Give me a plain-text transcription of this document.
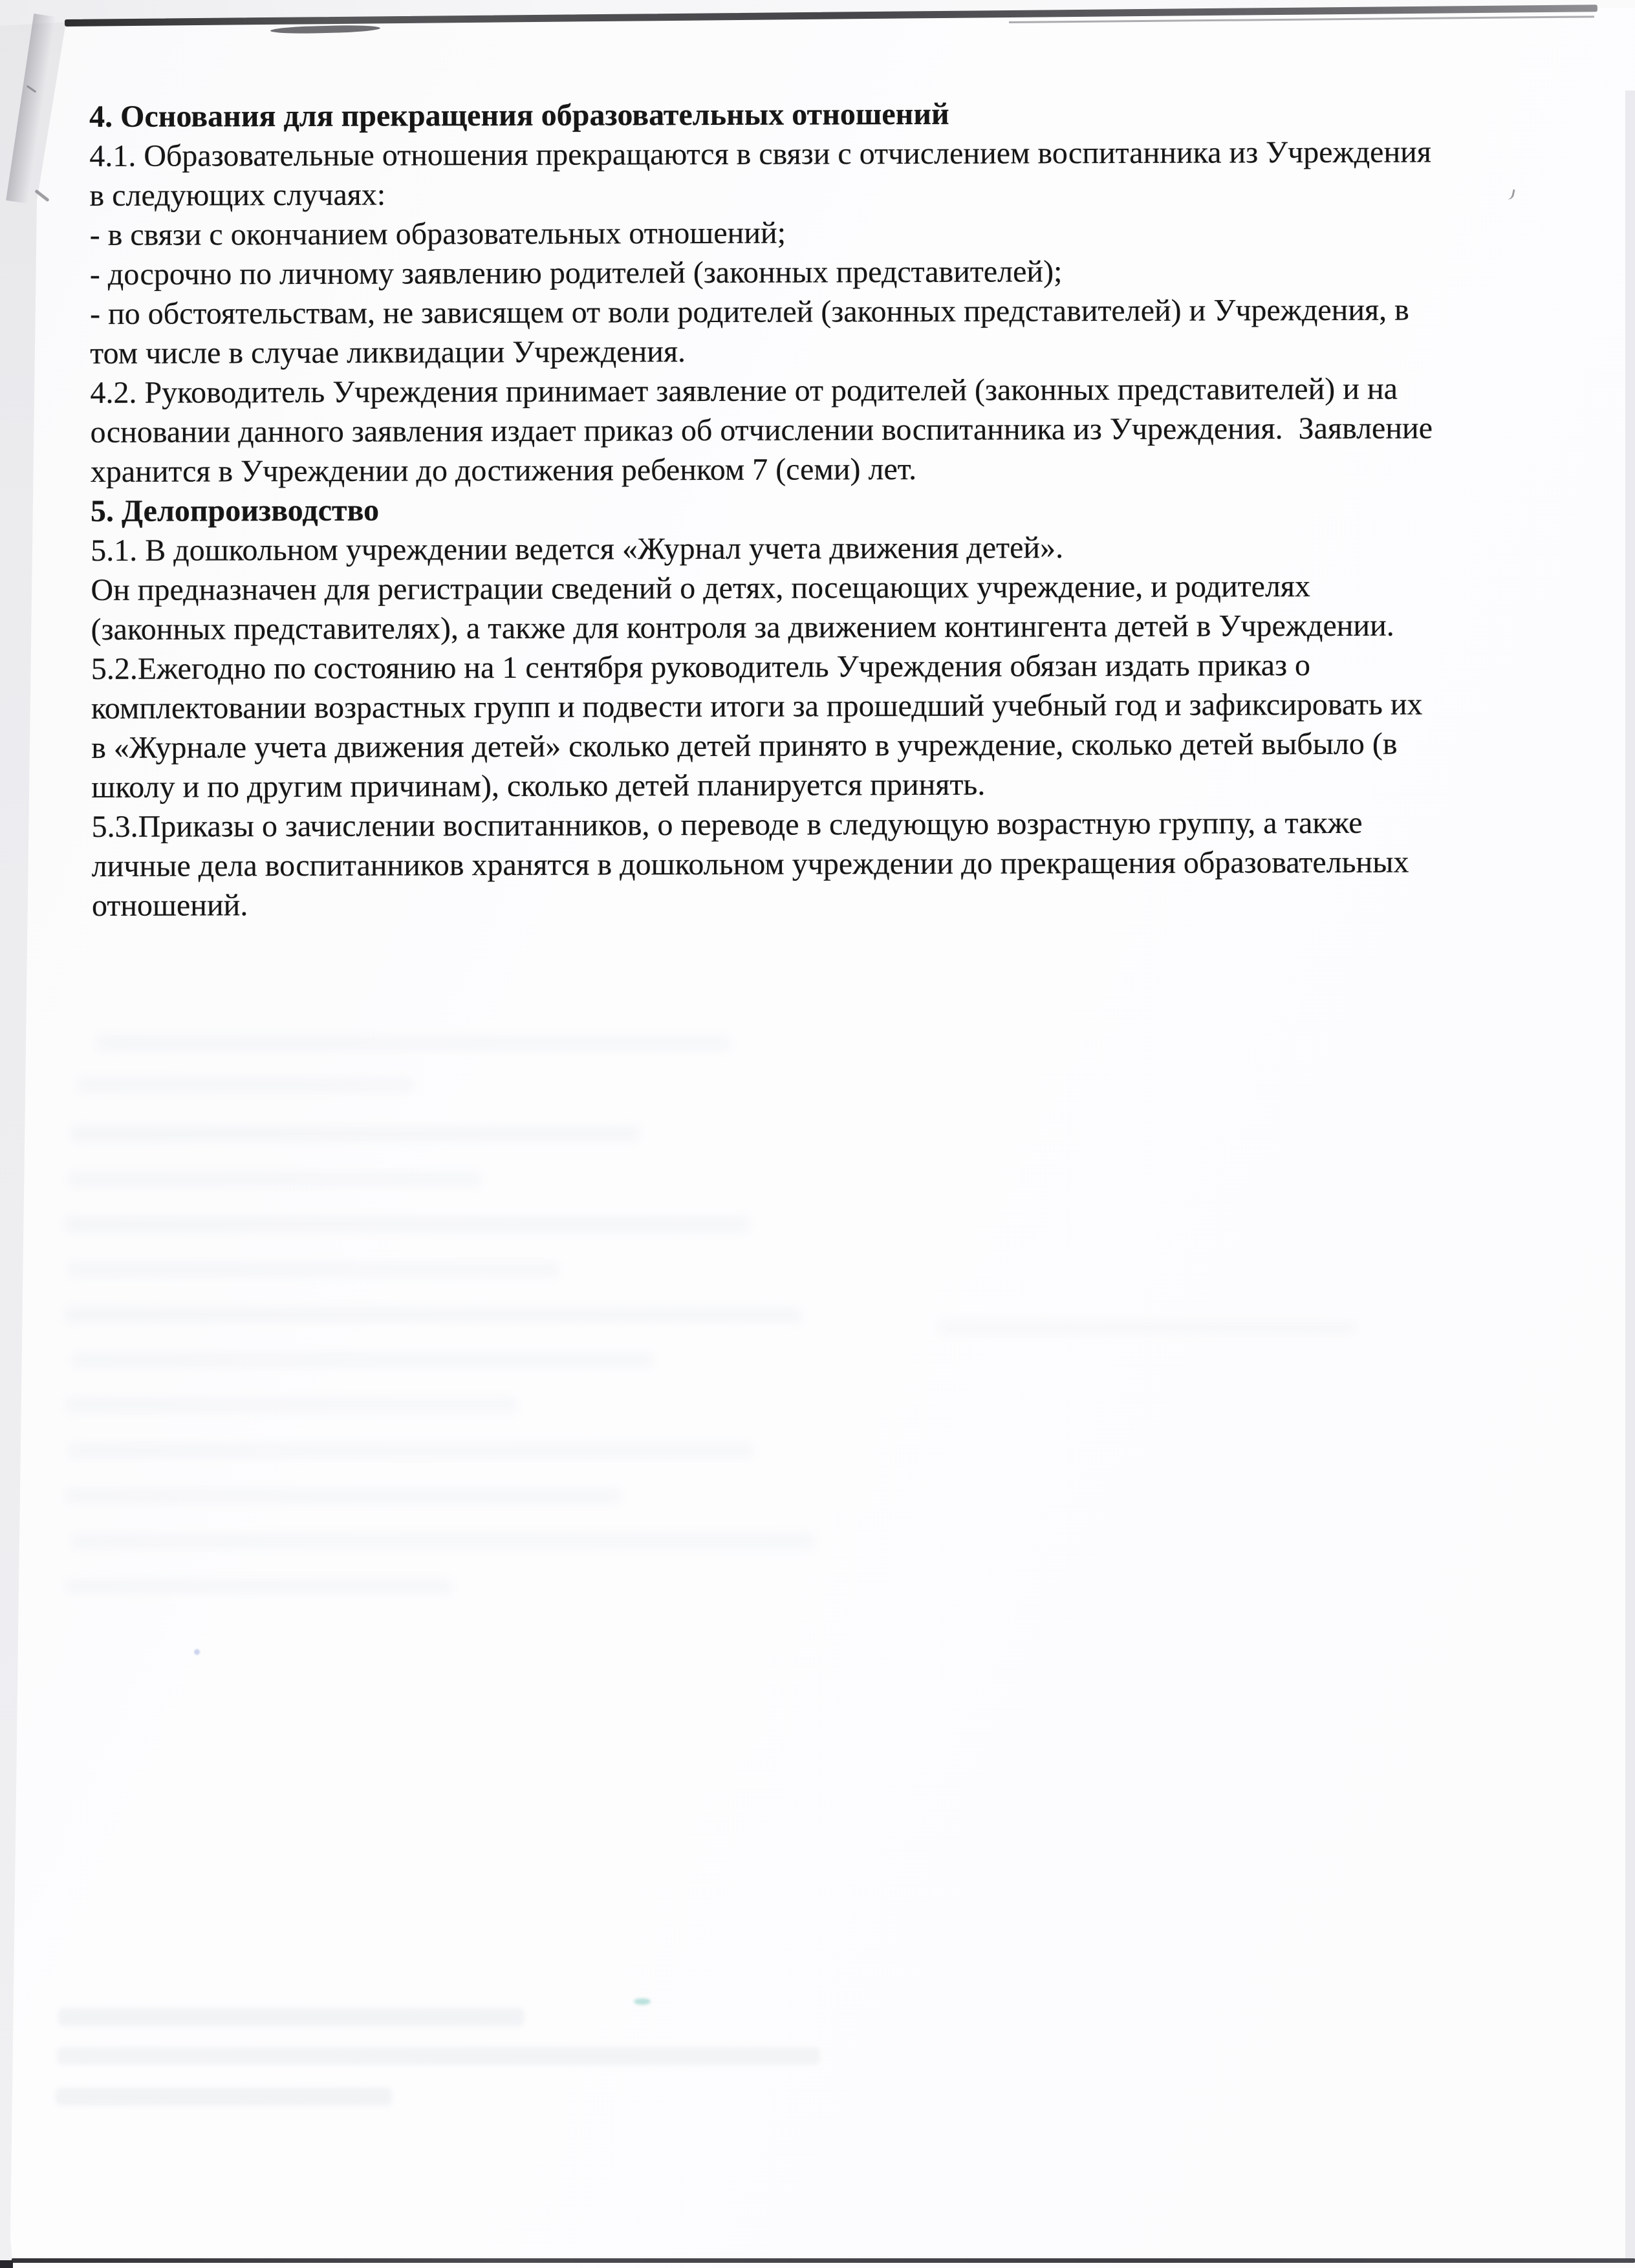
4. Основания для прекращения образовательных отношений
4.1. Образовательные отношения прекращаются в связи с отчислением воспитанника из Учреждения
в следующих случаях:
- в связи с окончанием образовательных отношений;
- досрочно по личному заявлению родителей (законных представителей);
- по обстоятельствам, не зависящем от воли родителей (законных представителей) и Учреждения, в
том числе в случае ликвидации Учреждения.
4.2. Руководитель Учреждения принимает заявление от родителей (законных представителей) и на
основании данного заявления издает приказ об отчислении воспитанника из Учреждения.  Заявление
хранится в Учреждении до достижения ребенком 7 (семи) лет.
5. Делопроизводство
5.1. В дошкольном учреждении ведется «Журнал учета движения детей».
Он предназначен для регистрации сведений о детях, посещающих учреждение, и родителях
(законных представителях), а также для контроля за движением контингента детей в Учреждении.
5.2.Ежегодно по состоянию на 1 сентября руководитель Учреждения обязан издать приказ о
комплектовании возрастных групп и подвести итоги за прошедший учебный год и зафиксировать их
в «Журнале учета движения детей» сколько детей принято в учреждение, сколько детей выбыло (в
школу и по другим причинам), сколько детей планируется принять.
5.3.Приказы о зачислении воспитанников, о переводе в следующую возрастную группу, а также
личные дела воспитанников хранятся в дошкольном учреждении до прекращения образовательных
отношений.
